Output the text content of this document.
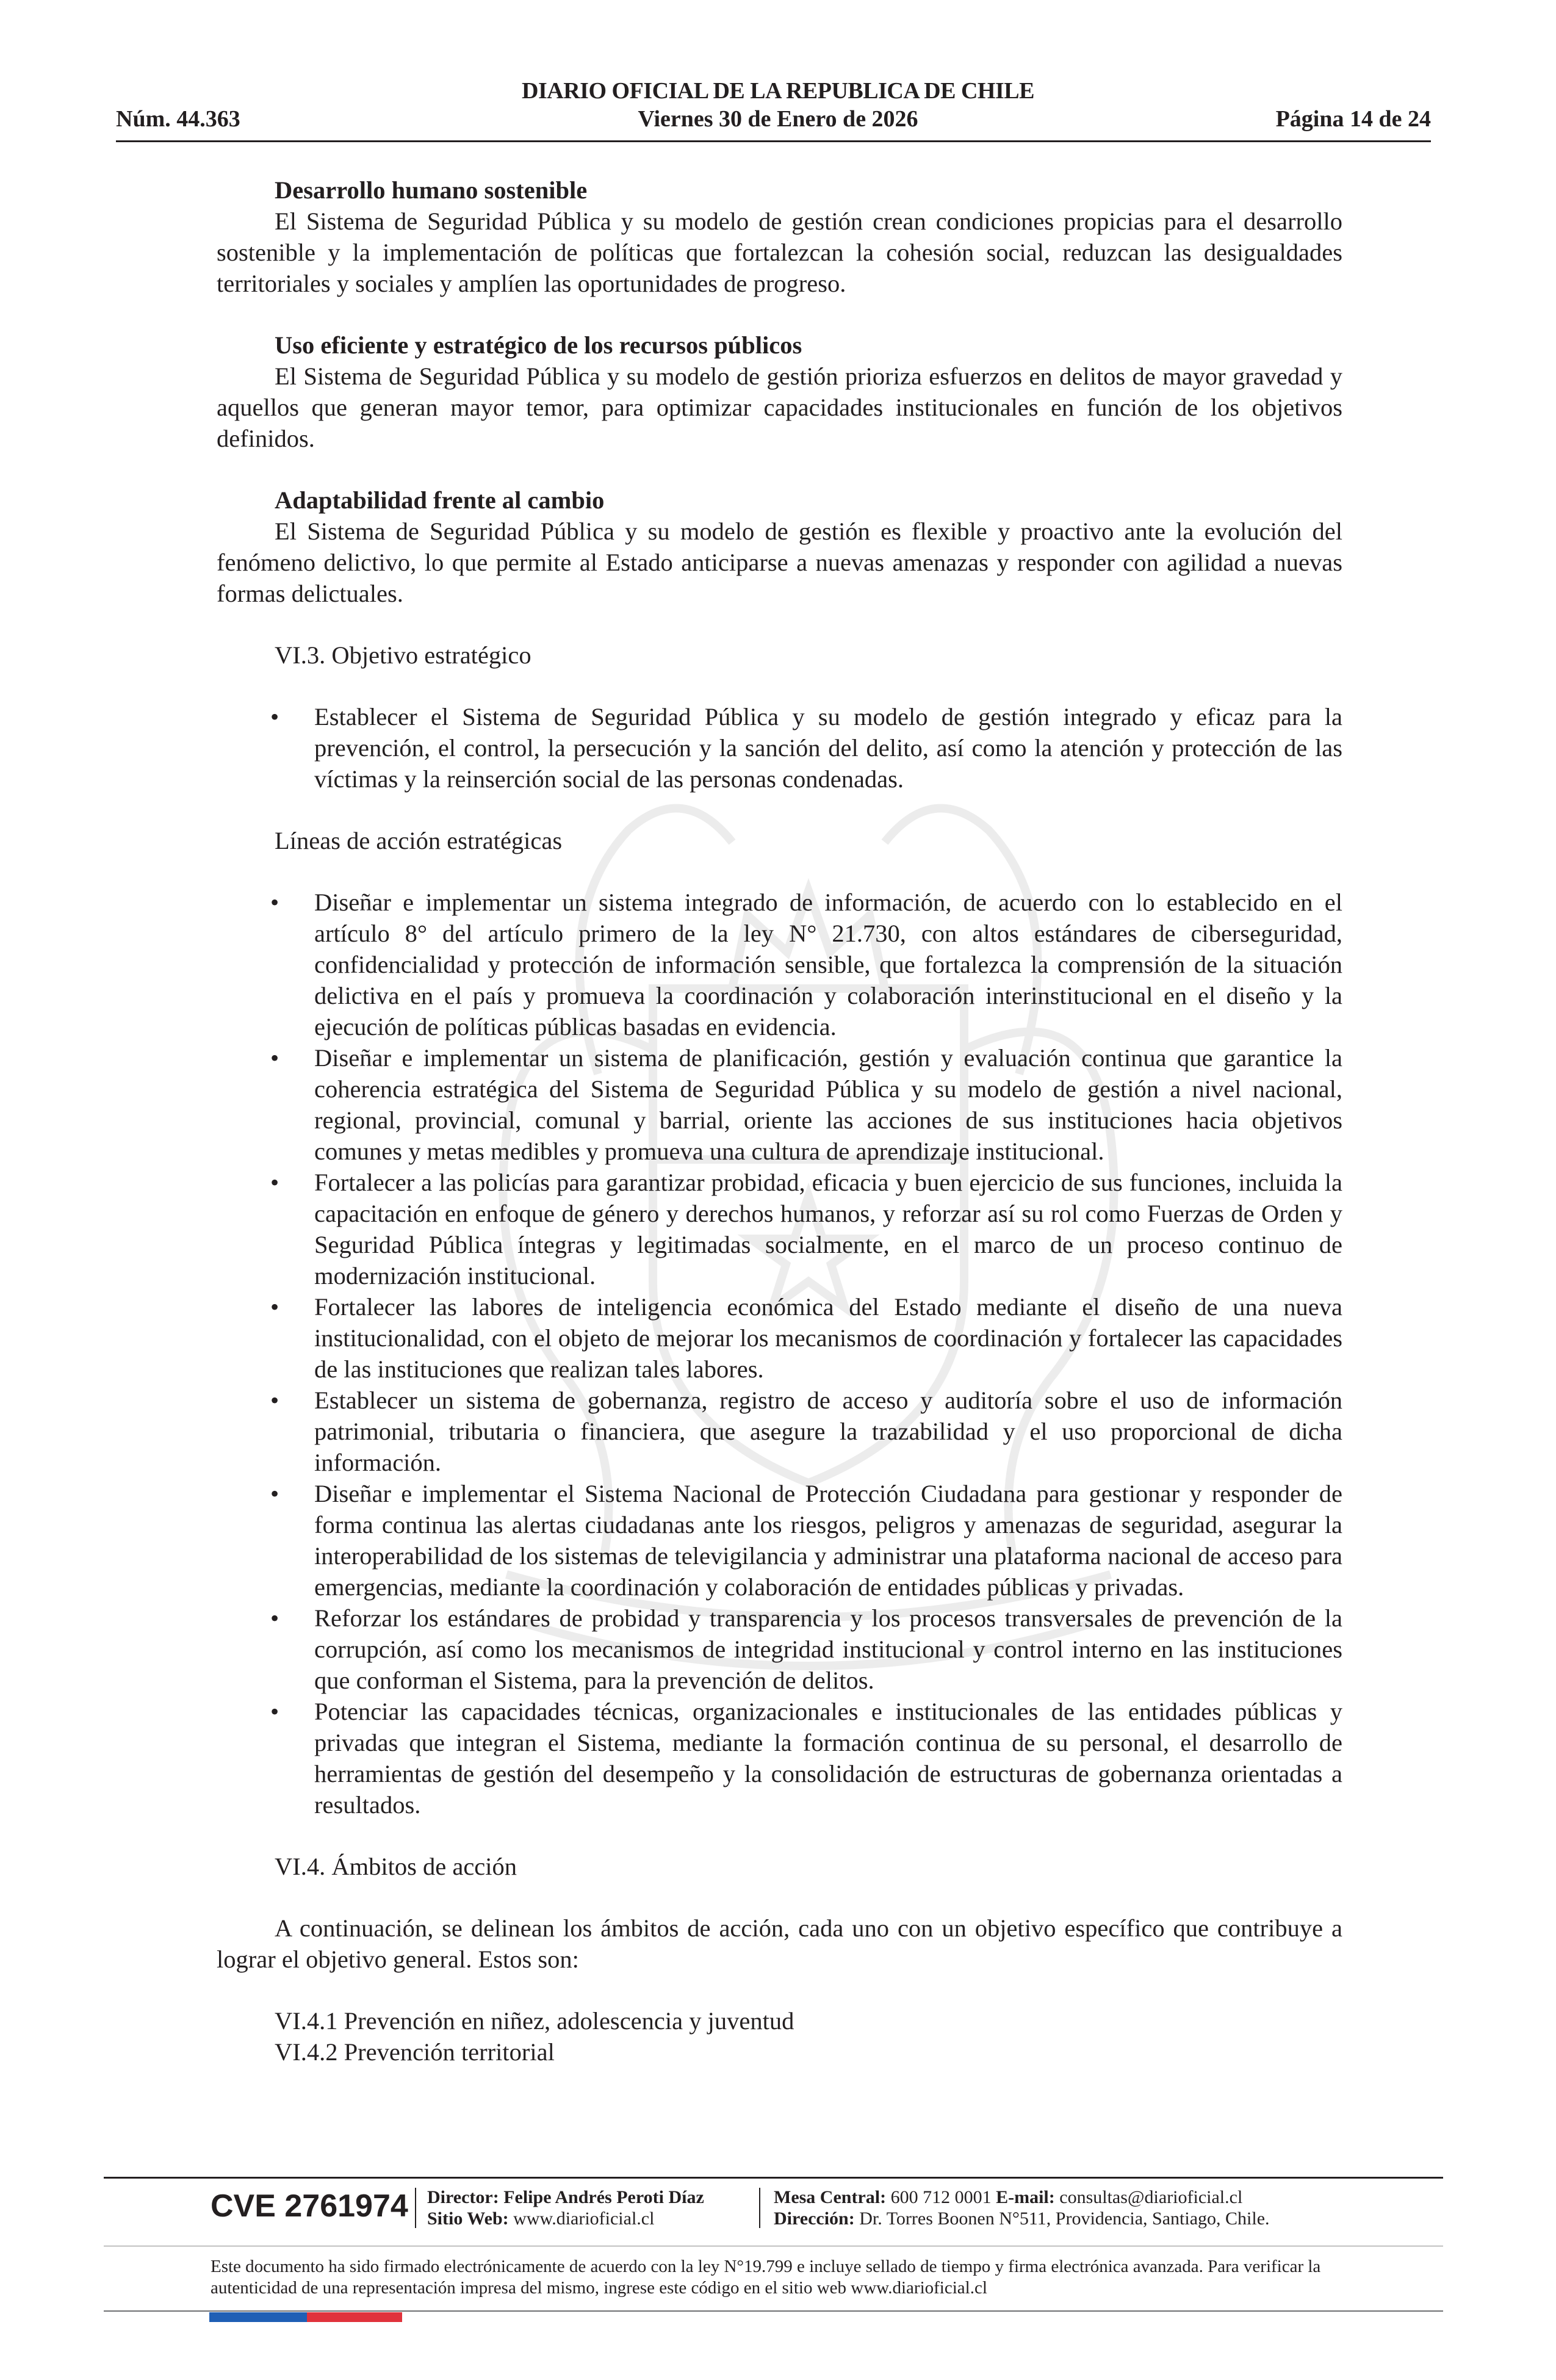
DIARIO OFICIAL DE LA REPUBLICA DE CHILE
Núm. 44.363	Viernes 30 de Enero de 2026	Página 14 de 24

Desarrollo humano sostenible

El Sistema de Seguridad Pública y su modelo de gestión crean condiciones propicias para el desarrollo sostenible y la implementación de políticas que fortalezcan la cohesión social, reduzcan las desigualdades territoriales y sociales y amplíen las oportunidades de progreso.

Uso eficiente y estratégico de los recursos públicos

El Sistema de Seguridad Pública y su modelo de gestión prioriza esfuerzos en delitos de mayor gravedad y aquellos que generan mayor temor, para optimizar capacidades institucionales en función de los objetivos definidos.

Adaptabilidad frente al cambio

El Sistema de Seguridad Pública y su modelo de gestión es flexible y proactivo ante la evolución del fenómeno delictivo, lo que permite al Estado anticiparse a nuevas amenazas y responder con agilidad a nuevas formas delictuales.

VI.3. Objetivo estratégico

• Establecer el Sistema de Seguridad Pública y su modelo de gestión integrado y eficaz para la prevención, el control, la persecución y la sanción del delito, así como la atención y protección de las víctimas y la reinserción social de las personas condenadas.

Líneas de acción estratégicas

• Diseñar e implementar un sistema integrado de información, de acuerdo con lo establecido en el artículo 8° del artículo primero de la ley N° 21.730, con altos estándares de ciberseguridad, confidencialidad y protección de información sensible, que fortalezca la comprensión de la situación delictiva en el país y promueva la coordinación y colaboración interinstitucional en el diseño y la ejecución de políticas públicas basadas en evidencia.
• Diseñar e implementar un sistema de planificación, gestión y evaluación continua que garantice la coherencia estratégica del Sistema de Seguridad Pública y su modelo de gestión a nivel nacional, regional, provincial, comunal y barrial, oriente las acciones de sus instituciones hacia objetivos comunes y metas medibles y promueva una cultura de aprendizaje institucional.
• Fortalecer a las policías para garantizar probidad, eficacia y buen ejercicio de sus funciones, incluida la capacitación en enfoque de género y derechos humanos, y reforzar así su rol como Fuerzas de Orden y Seguridad Pública íntegras y legitimadas socialmente, en el marco de un proceso continuo de modernización institucional.
• Fortalecer las labores de inteligencia económica del Estado mediante el diseño de una nueva institucionalidad, con el objeto de mejorar los mecanismos de coordinación y fortalecer las capacidades de las instituciones que realizan tales labores.
• Establecer un sistema de gobernanza, registro de acceso y auditoría sobre el uso de información patrimonial, tributaria o financiera, que asegure la trazabilidad y el uso proporcional de dicha información.
• Diseñar e implementar el Sistema Nacional de Protección Ciudadana para gestionar y responder de forma continua las alertas ciudadanas ante los riesgos, peligros y amenazas de seguridad, asegurar la interoperabilidad de los sistemas de televigilancia y administrar una plataforma nacional de acceso para emergencias, mediante la coordinación y colaboración de entidades públicas y privadas.
• Reforzar los estándares de probidad y transparencia y los procesos transversales de prevención de la corrupción, así como los mecanismos de integridad institucional y control interno en las instituciones que conforman el Sistema, para la prevención de delitos.
• Potenciar las capacidades técnicas, organizacionales e institucionales de las entidades públicas y privadas que integran el Sistema, mediante la formación continua de su personal, el desarrollo de herramientas de gestión del desempeño y la consolidación de estructuras de gobernanza orientadas a resultados.

VI.4. Ámbitos de acción

A continuación, se delinean los ámbitos de acción, cada uno con un objetivo específico que contribuye a lograr el objetivo general. Estos son:

VI.4.1 Prevención en niñez, adolescencia y juventud

VI.4.2 Prevención territorial

CVE 2761974 Director: Felipe Andrés Peroti Díaz
Sitio Web: www.diarioficial.cl
Mesa Central: 600 712 0001 E-mail: consultas@diarioficial.cl
Dirección: Dr. Torres Boonen N°511, Providencia, Santiago, Chile.
Este documento ha sido firmado electrónicamente de acuerdo con la ley N°19.799 e incluye sellado de tiempo y firma electrónica avanzada. Para verificar la autenticidad de una representación impresa del mismo, ingrese este código en el sitio web www.diarioficial.cl
